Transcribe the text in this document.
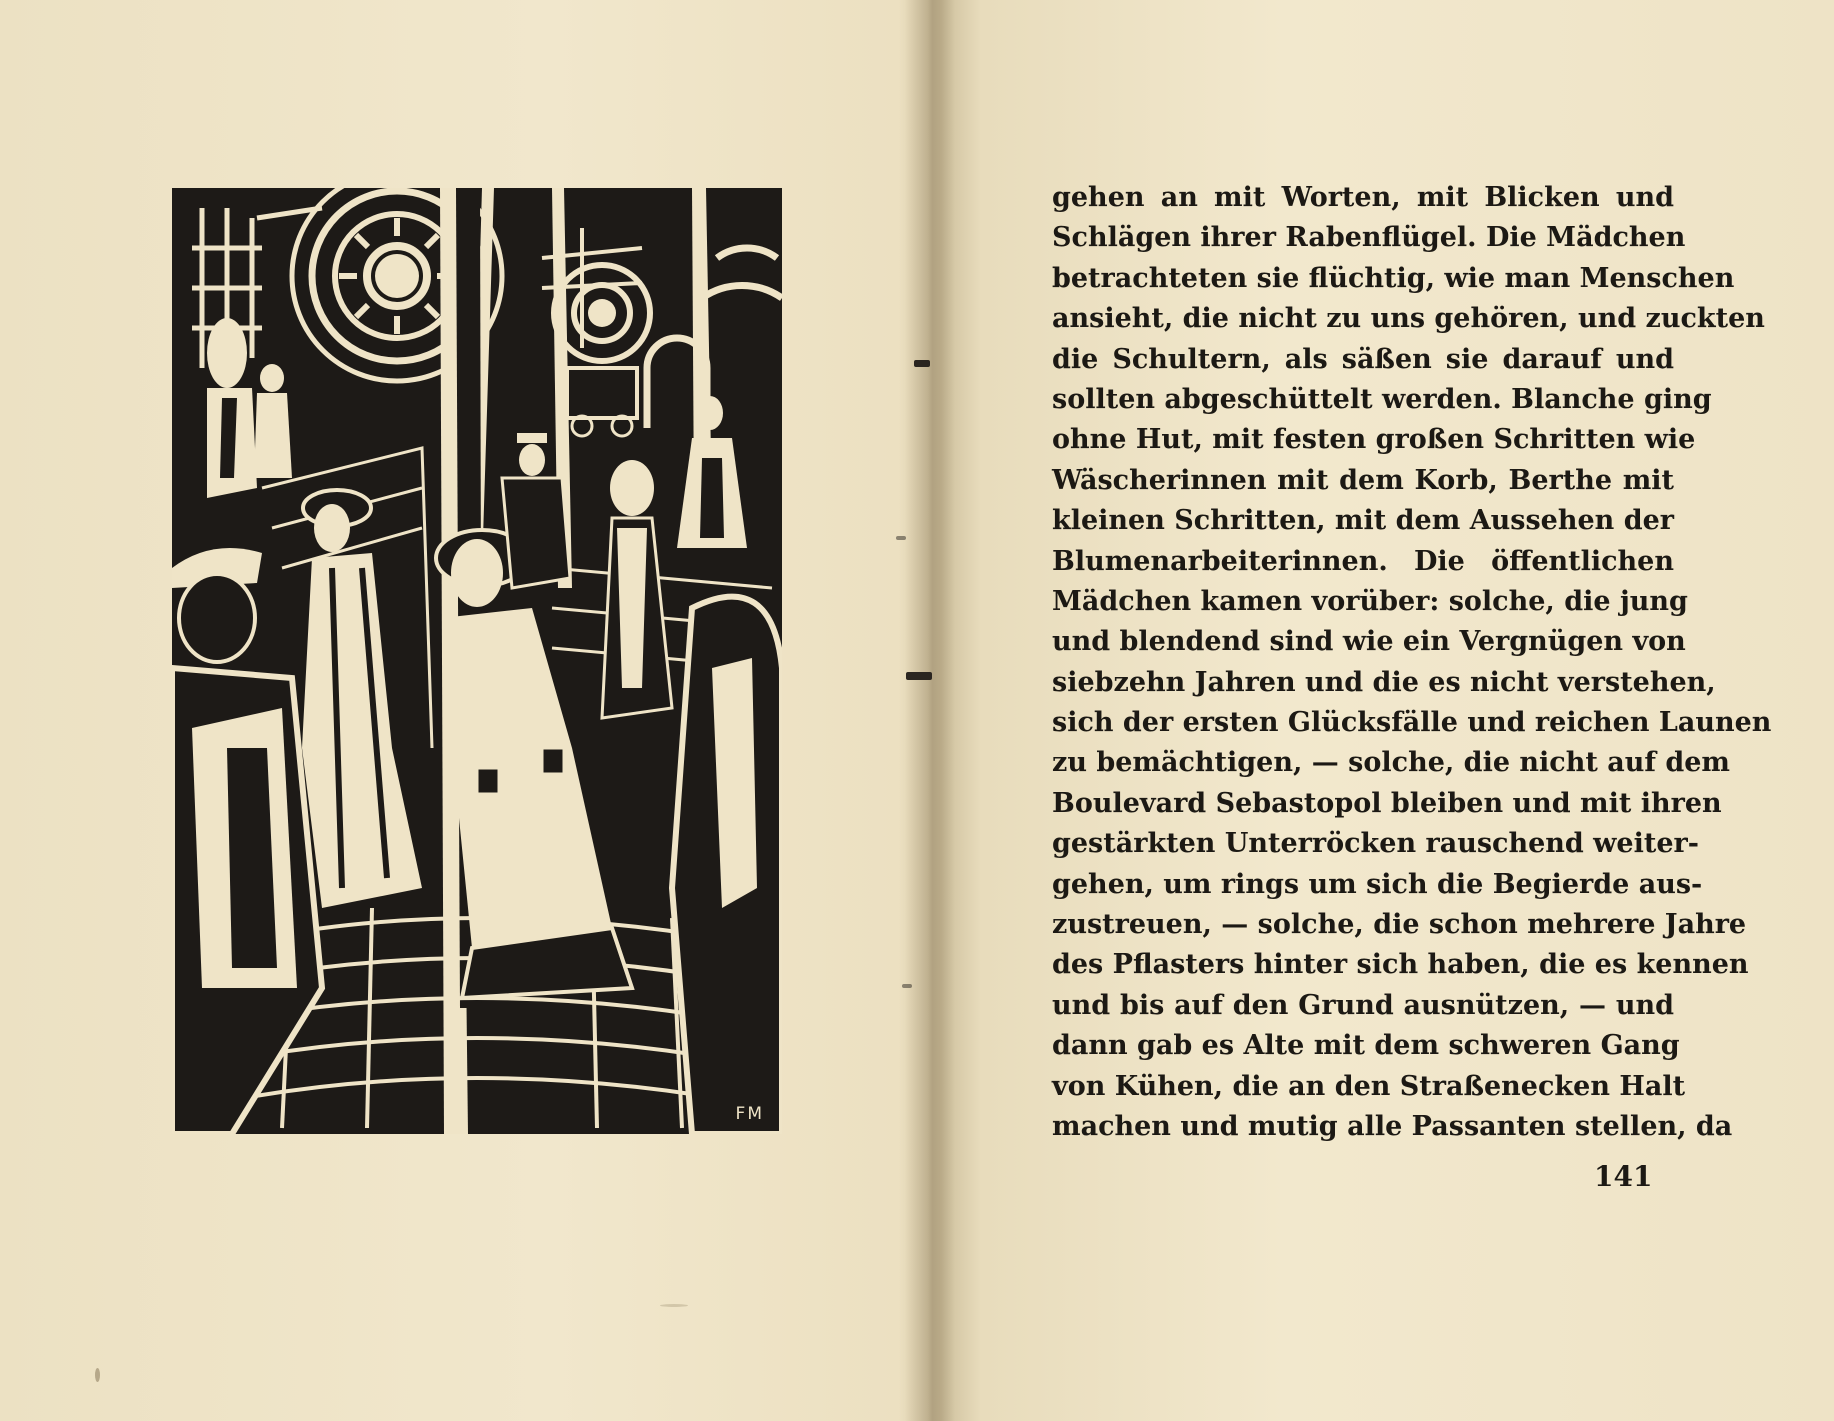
FM
gehen an mit Worten, mit Blicken und
Schlägen ihrer Rabenflügel. Die Mädchen
betrachteten sie flüchtig, wie man Menschen
ansieht, die nicht zu uns gehören, und zuckten
die Schultern, als säßen sie darauf und
sollten abgeschüttelt werden. Blanche ging
ohne Hut, mit festen großen Schritten wie
Wäscherinnen mit dem Korb, Berthe mit
kleinen Schritten, mit dem Aussehen der
Blumenarbeiterinnen. Die öffentlichen
Mädchen kamen vorüber: solche, die jung
und blendend sind wie ein Vergnügen von
siebzehn Jahren und die es nicht verstehen,
sich der ersten Glücksfälle und reichen Launen
zu bemächtigen, — solche, die nicht auf dem
Boulevard Sebastopol bleiben und mit ihren
gestärkten Unterröcken rauschend weiter-
gehen, um rings um sich die Begierde aus-
zustreuen, — solche, die schon mehrere Jahre
des Pflasters hinter sich haben, die es kennen
und bis auf den Grund ausnützen, — und
dann gab es Alte mit dem schweren Gang
von Kühen, die an den Straßenecken Halt
machen und mutig alle Passanten stellen, da
141
